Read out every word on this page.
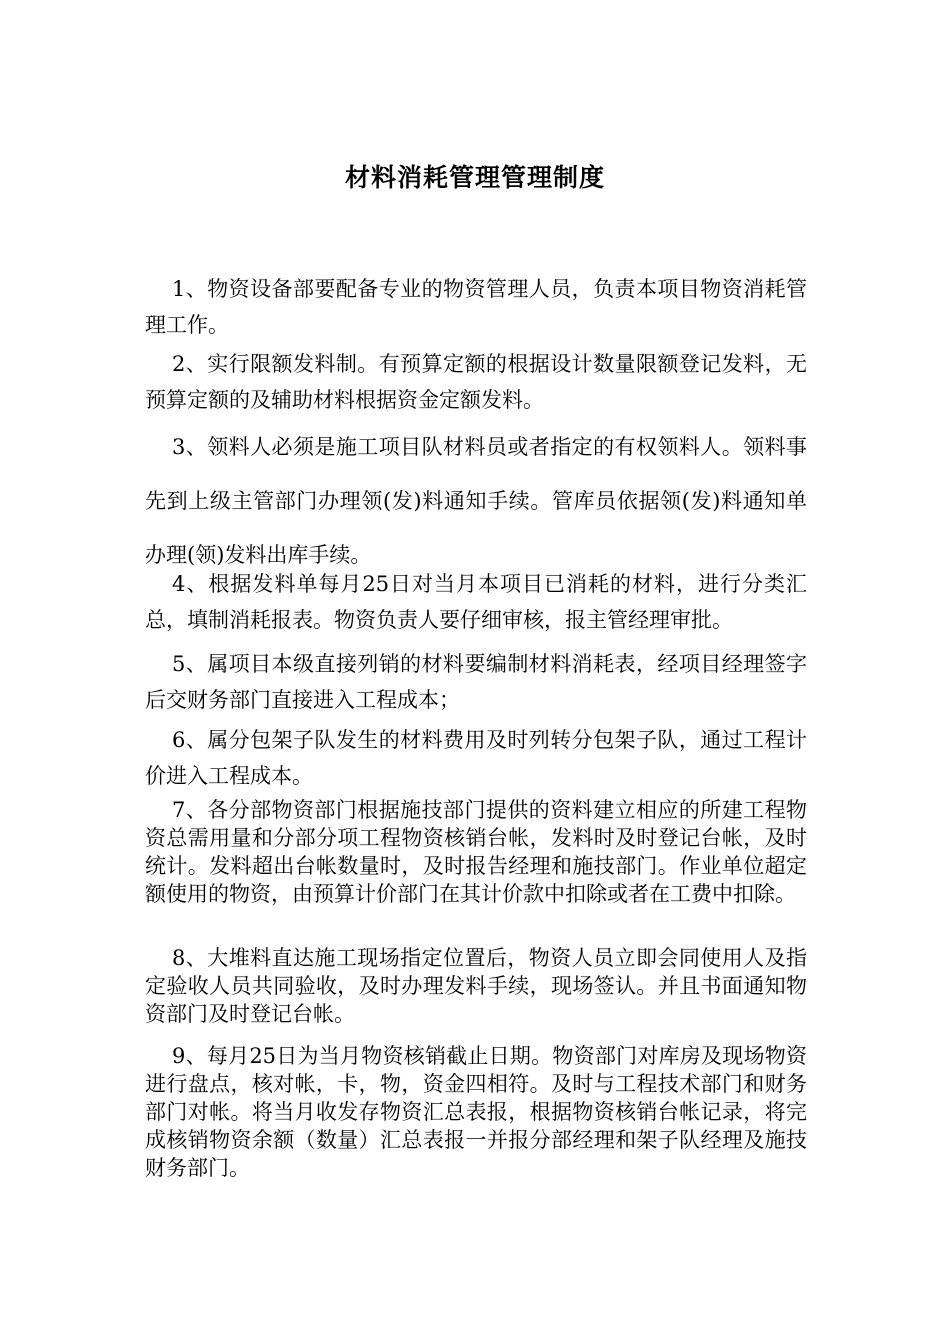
材料消耗管理管理制度
1、物资设备部要配备专业的物资管理人员，负责本项目物资消耗管理工作。
2、实行限额发料制。有预算定额的根据设计数量限额登记发料，无预算定额的及辅助材料根据资金定额发料。
3、领料人必须是施工项目队材料员或者指定的有权领料人。领料事先到上级主管部门办理领(发)料通知手续。管库员依据领(发)料通知单办理(领)发料出库手续。
4、根据发料单每月25日对当月本项目已消耗的材料，进行分类汇总，填制消耗报表。物资负责人要仔细审核，报主管经理审批。
5、属项目本级直接列销的材料要编制材料消耗表，经项目经理签字后交财务部门直接进入工程成本；
6、属分包架子队发生的材料费用及时列转分包架子队，通过工程计价进入工程成本。
7、各分部物资部门根据施技部门提供的资料建立相应的所建工程物资总需用量和分部分项工程物资核销台帐，发料时及时登记台帐，及时统计。发料超出台帐数量时，及时报告经理和施技部门。作业单位超定额使用的物资，由预算计价部门在其计价款中扣除或者在工费中扣除。
8、大堆料直达施工现场指定位置后，物资人员立即会同使用人及指定验收人员共同验收，及时办理发料手续，现场签认。并且书面通知物资部门及时登记台帐。
9、每月25日为当月物资核销截止日期。物资部门对库房及现场物资进行盘点，核对帐，卡，物，资金四相符。及时与工程技术部门和财务部门对帐。将当月收发存物资汇总表报，根据物资核销台帐记录，将完成核销物资余额（数量）汇总表报一并报分部经理和架子队经理及施技财务部门。
